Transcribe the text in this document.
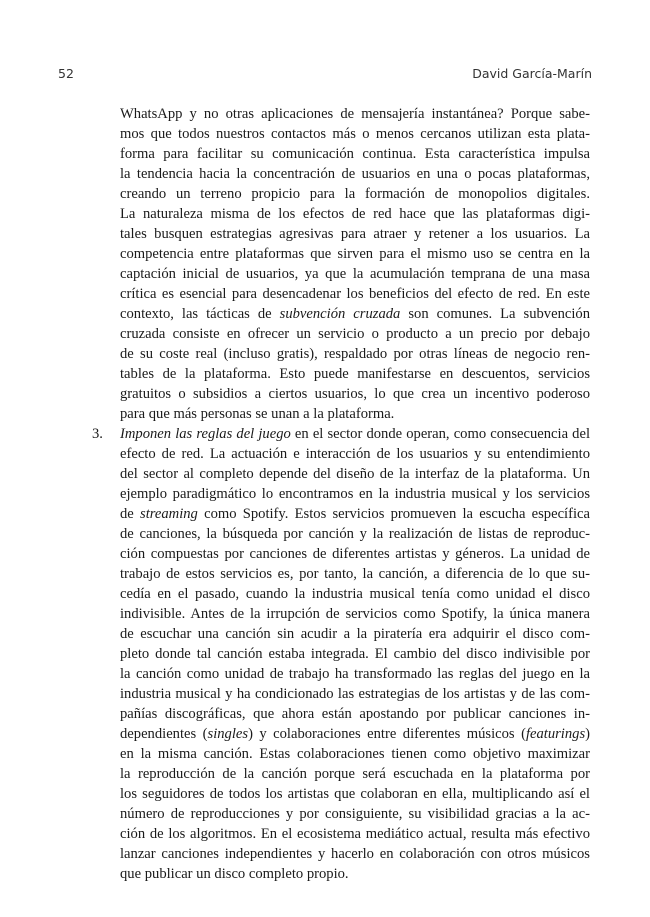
52	David García-Marín
3.
WhatsApp y no otras aplicaciones de mensajería instantánea? Porque sabe-
mos que todos nuestros contactos más o menos cercanos utilizan esta plata-
forma para facilitar su comunicación continua. Esta característica impulsa
la tendencia hacia la concentración de usuarios en una o pocas plataformas,
creando un terreno propicio para la formación de monopolios digitales.
La naturaleza misma de los efectos de red hace que las plataformas digi-
tales busquen estrategias agresivas para atraer y retener a los usuarios. La
competencia entre plataformas que sirven para el mismo uso se centra en la
captación inicial de usuarios, ya que la acumulación temprana de una masa
crítica es esencial para desencadenar los beneficios del efecto de red. En este
contexto, las tácticas de subvención cruzada son comunes. La subvención
cruzada consiste en ofrecer un servicio o producto a un precio por debajo
de su coste real (incluso gratis), respaldado por otras líneas de negocio ren-
tables de la plataforma. Esto puede manifestarse en descuentos, servicios
gratuitos o subsidios a ciertos usuarios, lo que crea un incentivo poderoso
para que más personas se unan a la plataforma.
Imponen las reglas del juego en el sector donde operan, como consecuencia del
efecto de red. La actuación e interacción de los usuarios y su entendimiento
del sector al completo depende del diseño de la interfaz de la plataforma. Un
ejemplo paradigmático lo encontramos en la industria musical y los servicios
de streaming como Spotify. Estos servicios promueven la escucha específica
de canciones, la búsqueda por canción y la realización de listas de reproduc-
ción compuestas por canciones de diferentes artistas y géneros. La unidad de
trabajo de estos servicios es, por tanto, la canción, a diferencia de lo que su-
cedía en el pasado, cuando la industria musical tenía como unidad el disco
indivisible. Antes de la irrupción de servicios como Spotify, la única manera
de escuchar una canción sin acudir a la piratería era adquirir el disco com-
pleto donde tal canción estaba integrada. El cambio del disco indivisible por
la canción como unidad de trabajo ha transformado las reglas del juego en la
industria musical y ha condicionado las estrategias de los artistas y de las com-
pañías discográficas, que ahora están apostando por publicar canciones in-
dependientes (singles) y colaboraciones entre diferentes músicos (featurings)
en la misma canción. Estas colaboraciones tienen como objetivo maximizar
la reproducción de la canción porque será escuchada en la plataforma por
los seguidores de todos los artistas que colaboran en ella, multiplicando así el
número de reproducciones y por consiguiente, su visibilidad gracias a la ac-
ción de los algoritmos. En el ecosistema mediático actual, resulta más efectivo
lanzar canciones independientes y hacerlo en colaboración con otros músicos
que publicar un disco completo propio.
